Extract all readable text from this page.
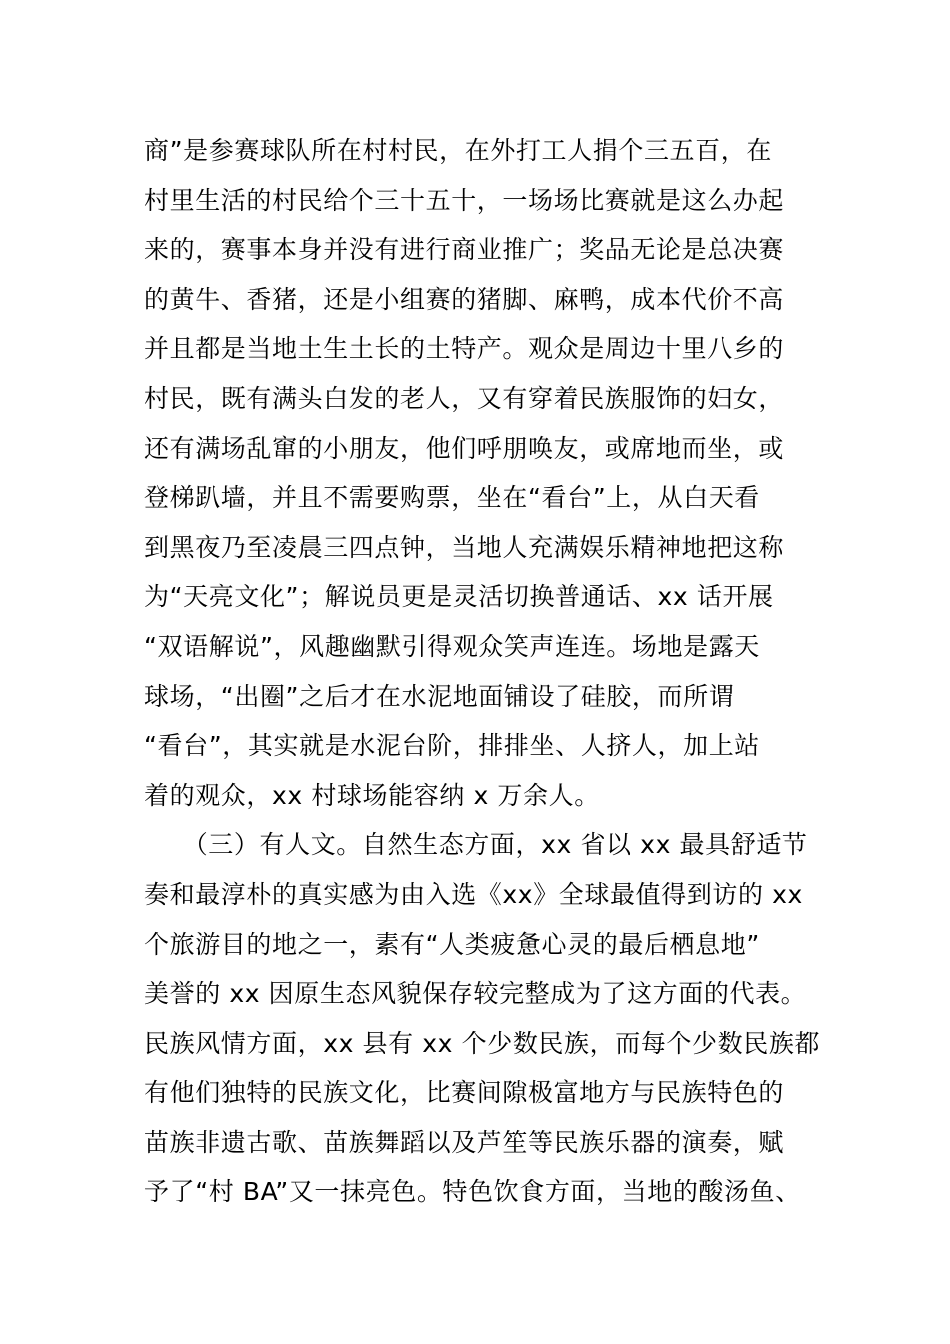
商”是参赛球队所在村村民，在外打工人捐个三五百，在
村里生活的村民给个三十五十，一场场比赛就是这么办起
来的，赛事本身并没有进行商业推广；奖品无论是总决赛
的黄牛、香猪，还是小组赛的猪脚、麻鸭，成本代价不高
并且都是当地土生土长的土特产。观众是周边十里八乡的
村民，既有满头白发的老人，又有穿着民族服饰的妇女，
还有满场乱窜的小朋友，他们呼朋唤友，或席地而坐，或
登梯趴墙，并且不需要购票，坐在“看台”上，从白天看
到黑夜乃至凌晨三四点钟，当地人充满娱乐精神地把这称
为“天亮文化”；解说员更是灵活切换普通话、xx 话开展
“双语解说”，风趣幽默引得观众笑声连连。场地是露天
球场，“出圈”之后才在水泥地面铺设了硅胶，而所谓
“看台”，其实就是水泥台阶，排排坐、人挤人，加上站
着的观众，xx 村球场能容纳 x 万余人。
　　（三）有人文。自然生态方面，xx 省以 xx 最具舒适节
奏和最淳朴的真实感为由入选《xx》全球最值得到访的 xx
个旅游目的地之一，素有“人类疲惫心灵的最后栖息地”
美誉的 xx 因原生态风貌保存较完整成为了这方面的代表。
民族风情方面，xx 县有 xx 个少数民族，而每个少数民族都
有他们独特的民族文化，比赛间隙极富地方与民族特色的
苗族非遗古歌、苗族舞蹈以及芦笙等民族乐器的演奏，赋
予了“村 BA”又一抹亮色。特色饮食方面，当地的酸汤鱼、
